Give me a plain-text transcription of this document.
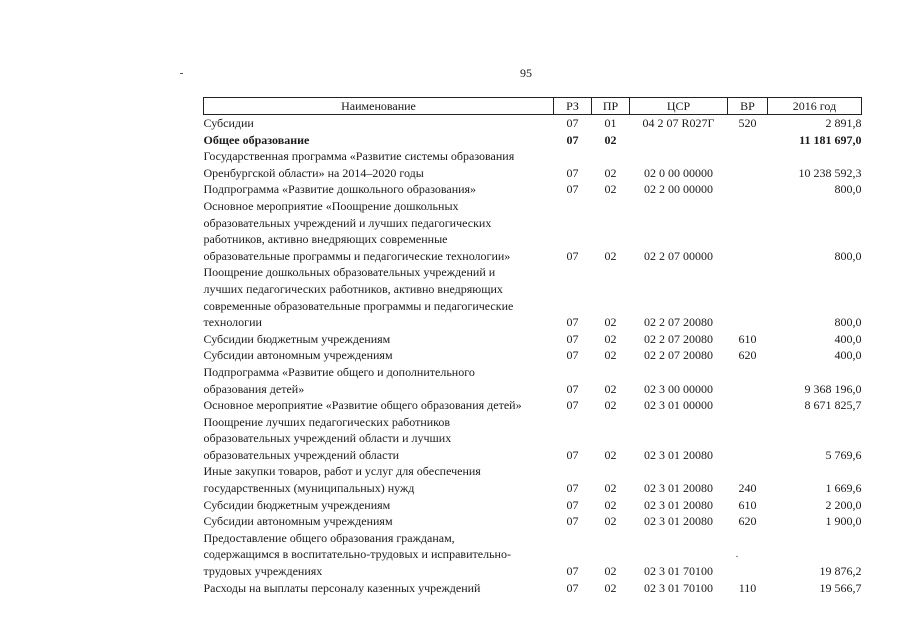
95
Наименование	РЗ	ПР	ЦСР	ВР	2016 год

Субсидии	07	01	04 2 07 R027Г	520	2 891,8

Общее образование	07	02			11 181 697,0

Государственная программа «Развитие системы образования
Оренбургской области» на 2014–2020 годы	07	02	02 0 00 00000		10 238 592,3

Подпрограмма «Развитие дошкольного образования»	07	02	02 2 00 00000		800,0

Основное мероприятие «Поощрение дошкольных
образовательных учреждений и лучших педагогических
работников, активно внедряющих современные
образовательные программы и педагогические технологии»	07	02	02 2 07 00000		800,0

Поощрение дошкольных образовательных учреждений и
лучших педагогических работников, активно внедряющих
современные образовательные программы и педагогические
технологии	07	02	02 2 07 20080		800,0

Субсидии бюджетным учреждениям	07	02	02 2 07 20080	610	400,0

Субсидии автономным учреждениям	07	02	02 2 07 20080	620	400,0

Подпрограмма «Развитие общего и дополнительного
образования детей»	07	02	02 3 00 00000		9 368 196,0

Основное мероприятие «Развитие общего образования детей»	07	02	02 3 01 00000		8 671 825,7

Поощрение лучших педагогических работников
образовательных учреждений области и лучших
образовательных учреждений области	07	02	02 3 01 20080		5 769,6

Иные закупки товаров, работ и услуг для обеспечения
государственных (муниципальных) нужд	07	02	02 3 01 20080	240	1 669,6

Субсидии бюджетным учреждениям	07	02	02 3 01 20080	610	2 200,0

Субсидии автономным учреждениям	07	02	02 3 01 20080	620	1 900,0

Предоставление общего образования гражданам,
содержащимся в воспитательно-трудовых и исправительно-
трудовых учреждениях	07	02	02 3 01 70100		19 876,2

Расходы на выплаты персоналу казенных учреждений	07	02	02 3 01 70100	110	19 566,7
